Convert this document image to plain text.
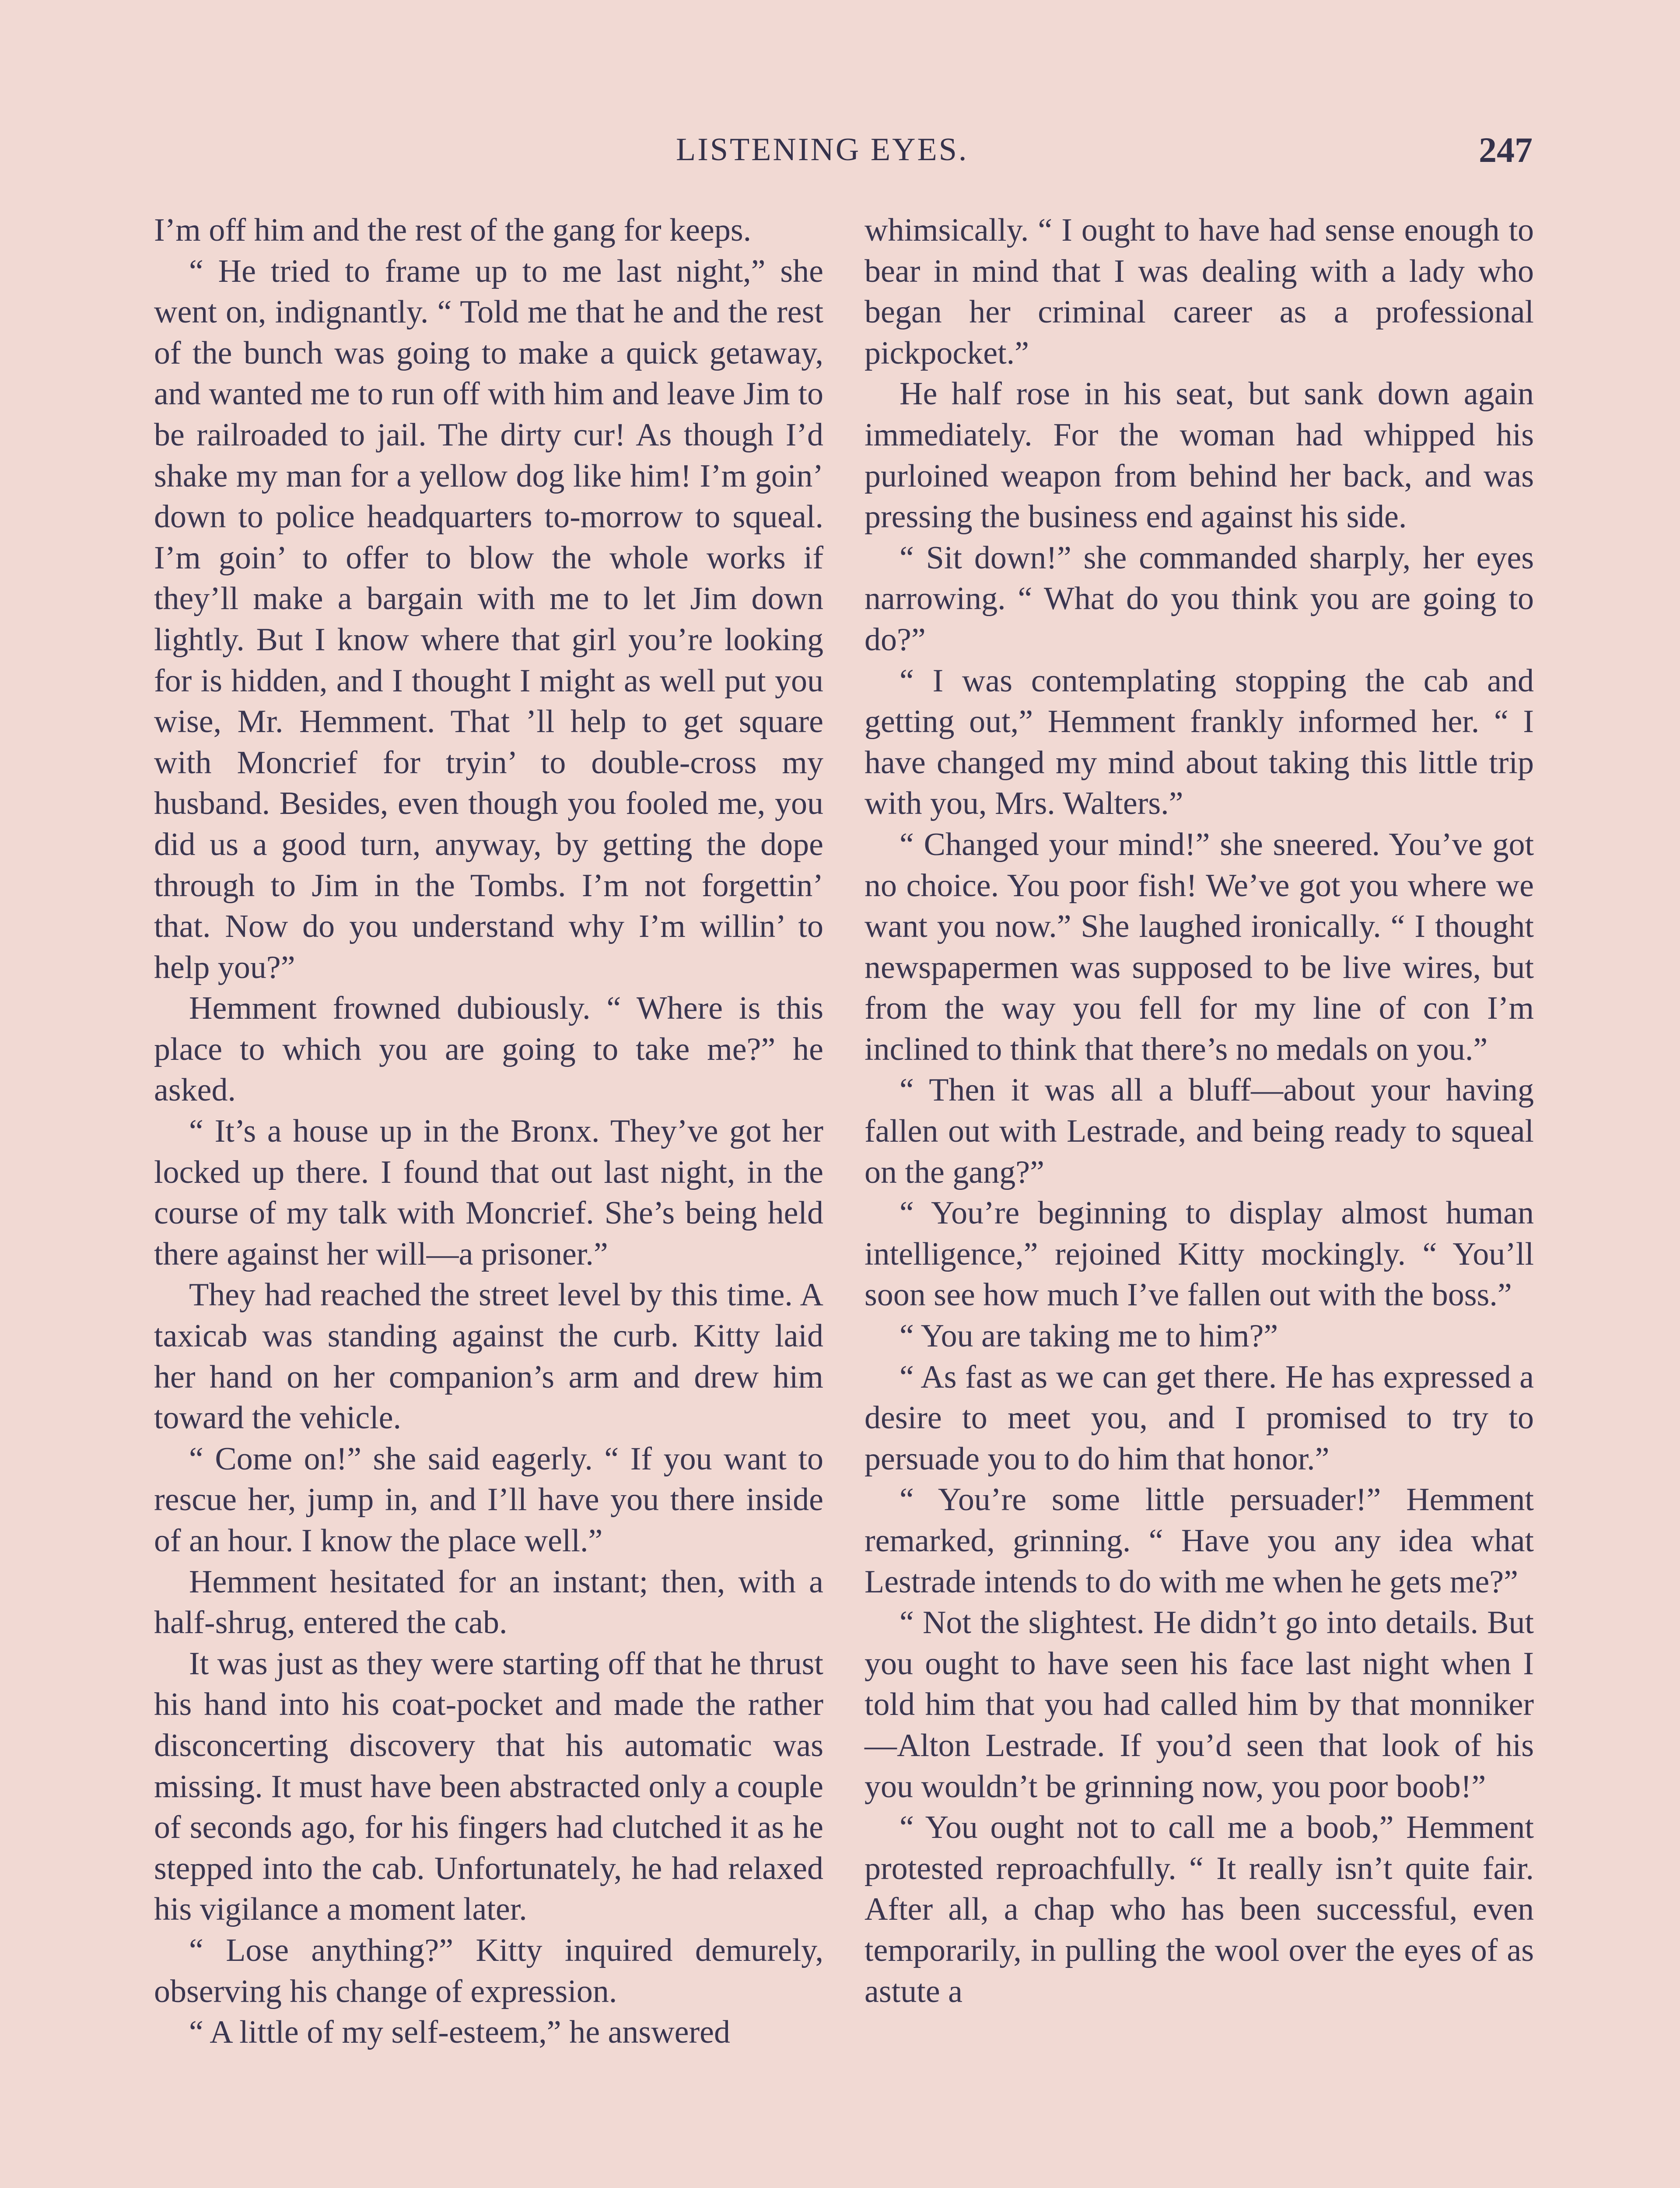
LISTENING EYES.	247

I’m off him and the rest of the gang for keeps.

“ He tried to frame up to me last night,” she went on, indignantly. “ Told me that he and the rest of the bunch was going to make a quick getaway, and wanted me to run off with him and leave Jim to be railroaded to jail. The dirty cur! As though I’d shake my man for a yellow dog like him! I’m goin’ down to police headquarters to-morrow to squeal. I’m goin’ to offer to blow the whole works if they’ll make a bargain with me to let Jim down lightly. But I know where that girl you’re looking for is hidden, and I thought I might as well put you wise, Mr. Hemment. That ’ll help to get square with Moncrief for tryin’ to double-cross my husband. Besides, even though you fooled me, you did us a good turn, anyway, by getting the dope through to Jim in the Tombs. I’m not forgettin’ that. Now do you understand why I’m willin’ to help you?”

Hemment frowned dubiously. “ Where is this place to which you are going to take me?” he asked.

“ It’s a house up in the Bronx. They’ve got her locked up there. I found that out last night, in the course of my talk with Moncrief. She’s being held there against her will—a prisoner.”

They had reached the street level by this time. A taxicab was standing against the curb. Kitty laid her hand on her companion’s arm and drew him toward the vehicle.

“ Come on!” she said eagerly. “ If you want to rescue her, jump in, and I’ll have you there inside of an hour. I know the place well.”

Hemment hesitated for an instant; then, with a half-shrug, entered the cab.

It was just as they were starting off that he thrust his hand into his coat-pocket and made the rather disconcerting discovery that his automatic was missing. It must have been abstracted only a couple of seconds ago, for his fingers had clutched it as he stepped into the cab. Unfortunately, he had relaxed his vigilance a moment later.

“ Lose anything?” Kitty inquired demurely, observing his change of expression.

“ A little of my self-esteem,” he answered

whimsically. “ I ought to have had sense enough to bear in mind that I was dealing with a lady who began her criminal career as a professional pickpocket.”

He half rose in his seat, but sank down again immediately. For the woman had whipped his purloined weapon from behind her back, and was pressing the business end against his side.

“ Sit down!” she commanded sharply, her eyes narrowing. “ What do you think you are going to do?”

“ I was contemplating stopping the cab and getting out,” Hemment frankly informed her. “ I have changed my mind about taking this little trip with you, Mrs. Walters.”

“ Changed your mind!” she sneered. You’ve got no choice. You poor fish! We’ve got you where we want you now.” She laughed ironically. “ I thought newspapermen was supposed to be live wires, but from the way you fell for my line of con I’m inclined to think that there’s no medals on you.”

“ Then it was all a bluff—about your having fallen out with Lestrade, and being ready to squeal on the gang?”

“ You’re beginning to display almost human intelligence,” rejoined Kitty mockingly. “ You’ll soon see how much I’ve fallen out with the boss.”

“ You are taking me to him?”

“ As fast as we can get there. He has expressed a desire to meet you, and I promised to try to persuade you to do him that honor.”

“ You’re some little persuader!” Hemment remarked, grinning. “ Have you any idea what Lestrade intends to do with me when he gets me?”

“ Not the slightest. He didn’t go into details. But you ought to have seen his face last night when I told him that you had called him by that monniker—Alton Lestrade. If you’d seen that look of his you wouldn’t be grinning now, you poor boob!”

“ You ought not to call me a boob,” Hemment protested reproachfully. “ It really isn’t quite fair. After all, a chap who has been successful, even temporarily, in pulling the wool over the eyes of as astute a
